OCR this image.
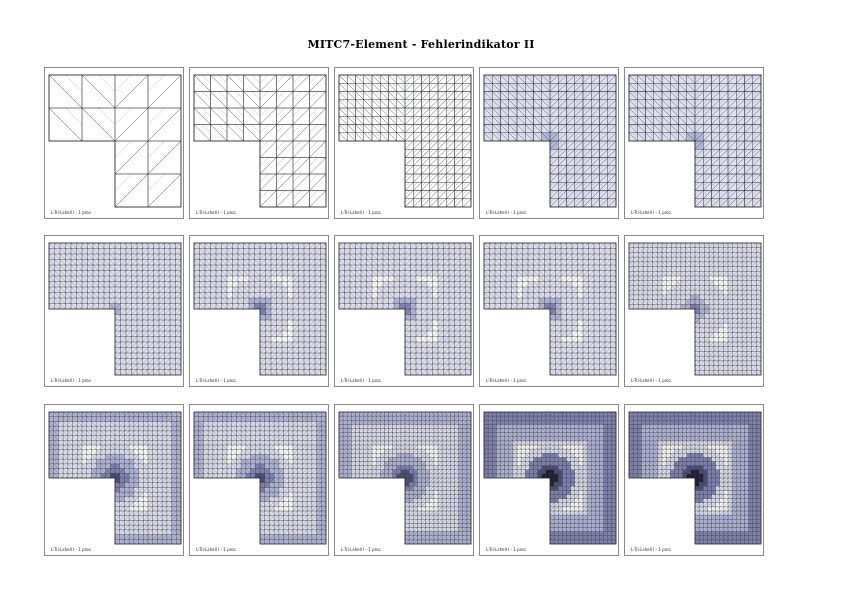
MITC7-Element - Fehlerindikator II
L-Tri-Lshell I - 1 proc.	L-Tri-Lshell I - 1 proc.	L-Tri-Lshell I - 1 proc.	L-Tri-Lshell I - 1 proc.	L-Tri-Lshell I - 1 proc.
L-Tri-Lshell I - 1 proc.	L-Tri-Lshell I - 1 proc.	L-Tri-Lshell I - 1 proc.	L-Tri-Lshell I - 1 proc.	L-Tri-Lshell I - 1 proc.
L-Tri-Lshell I - 1 proc.	L-Tri-Lshell I - 1 proc.	L-Tri-Lshell I - 1 proc.	L-Tri-Lshell I - 1 proc.	L-Tri-Lshell I - 1 proc.
